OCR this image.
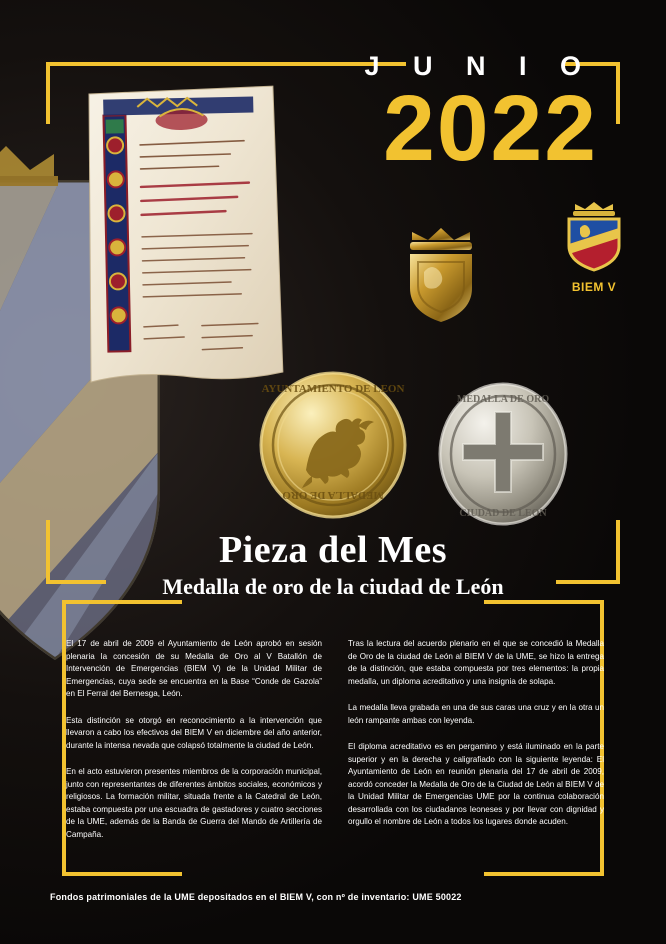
J U N I O
2022
BIEM V
AYUNTAMIENTO DE LEON
MEDALLA DE ORO
MEDALLA DE ORO
CIUDAD DE LEON
Pieza del Mes
Medalla de oro de la ciudad de León

El 17 de abril de 2009 el Ayuntamiento de León aprobó en sesión plenaria la concesión de su Medalla de Oro al V Batallón de Intervención de Emergencias (BIEM V) de la Unidad Militar de Emergencias, cuya sede se encuentra en la Base “Conde de Gazola” en El Ferral del Bernesga, León.

Esta distinción se otorgó en reconocimiento a la intervención que llevaron a cabo los efectivos del BIEM V en diciembre del año anterior, durante la intensa nevada que colapsó totalmente la ciudad de León.

En el acto estuvieron presentes miembros de la corporación municipal, junto con representantes de diferentes ámbitos sociales, económicos y religiosos. La formación militar, situada frente a la Catedral de León, estaba compuesta por una escuadra de gastadores y cuatro secciones de la UME, además de la Banda de Guerra del Mando de Artillería de Campaña.

Tras la lectura del acuerdo plenario en el que se concedió la Medalla de Oro de la ciudad de León al BIEM V de la UME, se hizo la entrega de la distinción, que estaba compuesta por tres elementos: la propia medalla, un diploma acreditativo y una insignia de solapa.

La medalla lleva grabada en una de sus caras una cruz y en la otra un león rampante ambas con leyenda.

El diploma acreditativo es en pergamino y está iluminado en la parte superior y en la derecha y caligrafiado con la siguiente leyenda: El Ayuntamiento de León en reunión plenaria del 17 de abril de 2009, acordó conceder la Medalla de Oro de la Ciudad de León al BIEM V de la Unidad Militar de Emergencias UME por la continua colaboración desarrollada con los ciudadanos leoneses y por llevar con dignidad y orgullo el nombre de León a todos los lugares donde acuden.

Fondos patrimoniales de la UME depositados en el BIEM V, con nº de inventario: UME 50022
